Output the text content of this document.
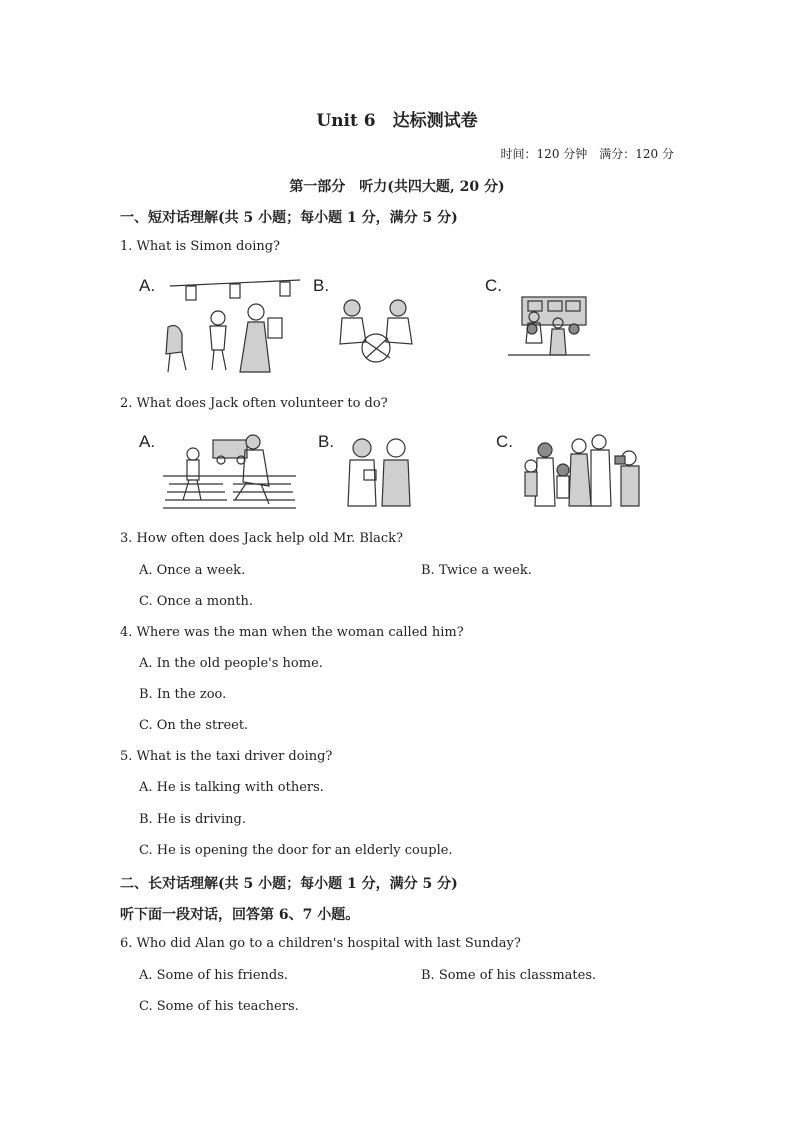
Unit 6　达标测试卷
时间：120 分钟　满分：120 分
第一部分　听力(共四大题, 20 分)
一、短对话理解(共 5 小题；每小题 1 分，满分 5 分)
1. What is Simon doing?
A.	B.	C.
2. What does Jack often volunteer to do?
A.	B.	C.
3. How often does Jack help old Mr. Black?
A. Once a week.	B. Twice a week.
C. Once a month.
4. Where was the man when the woman called him?
A. In the old people's home.
B. In the zoo.
C. On the street.
5. What is the taxi driver doing?
A. He is talking with others.
B. He is driving.
C. He is opening the door for an elderly couple.
二、长对话理解(共 5 小题；每小题 1 分，满分 5 分)
听下面一段对话，回答第 6、7 小题。
6. Who did Alan go to a children's hospital with last Sunday?
A. Some of his friends.	B. Some of his classmates.
C. Some of his teachers.
